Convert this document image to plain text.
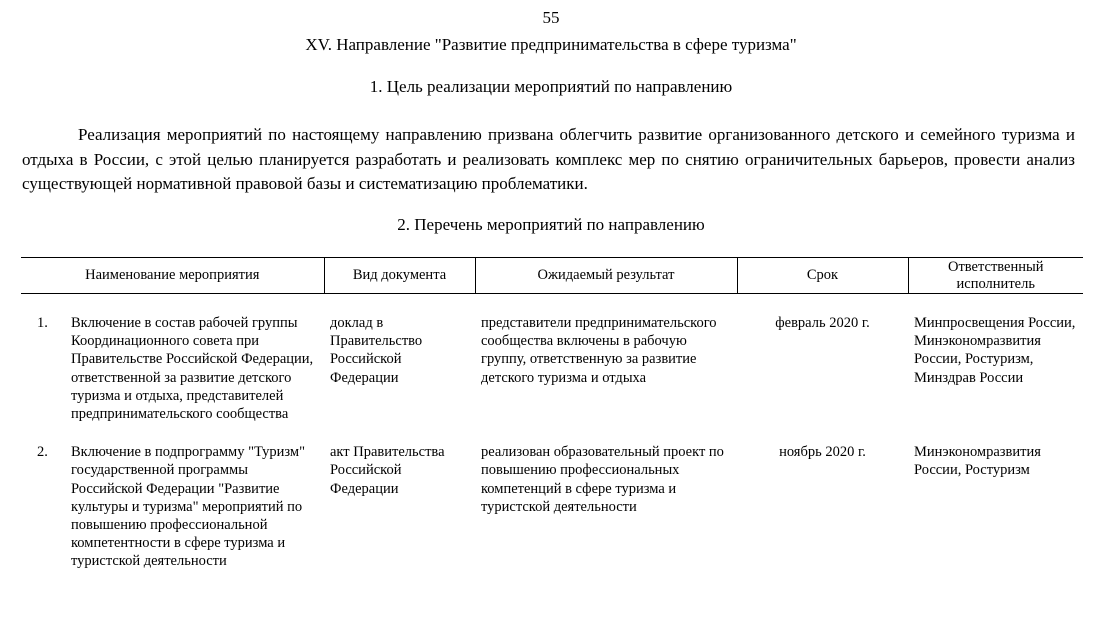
55
XV. Направление "Развитие предпринимательства в сфере туризма"
1. Цель реализации мероприятий по направлению

Реализация мероприятий по настоящему направлению призвана облегчить развитие организованного детского и семейного туризма и отдыха в России, с этой целью планируется разработать и реализовать комплекс мер по снятию ограничительных барьеров, провести анализ существующей нормативной правовой базы и систематизацию проблематики.

2. Перечень мероприятий по направлению
Наименование мероприятия	Вид документа	Ожидаемый результат	Срок	Ответственный исполнитель

1. Включение в состав рабочей группы Координационного совета при Правительстве Российской Федерации, ответственной за развитие детского туризма и отдыха, представителей предпринимательского сообщества	доклад в Правительство Российской Федерации	представители предпринимательского сообщества включены в рабочую группу, ответственную за развитие детского туризма и отдыха	февраль 2020 г.	Минпросвещения России, Минэкономразвития России, Ростуризм, Минздрав России

2. Включение в подпрограмму "Туризм" государственной программы Российской Федерации "Развитие культуры и туризма" мероприятий по повышению профессиональной компетентности в сфере туризма и туристской деятельности	акт Правительства Российской Федерации	реализован образовательный проект по повышению профессиональных компетенций в сфере туризма и туристской деятельности	ноябрь 2020 г.	Минэкономразвития России, Ростуризм
